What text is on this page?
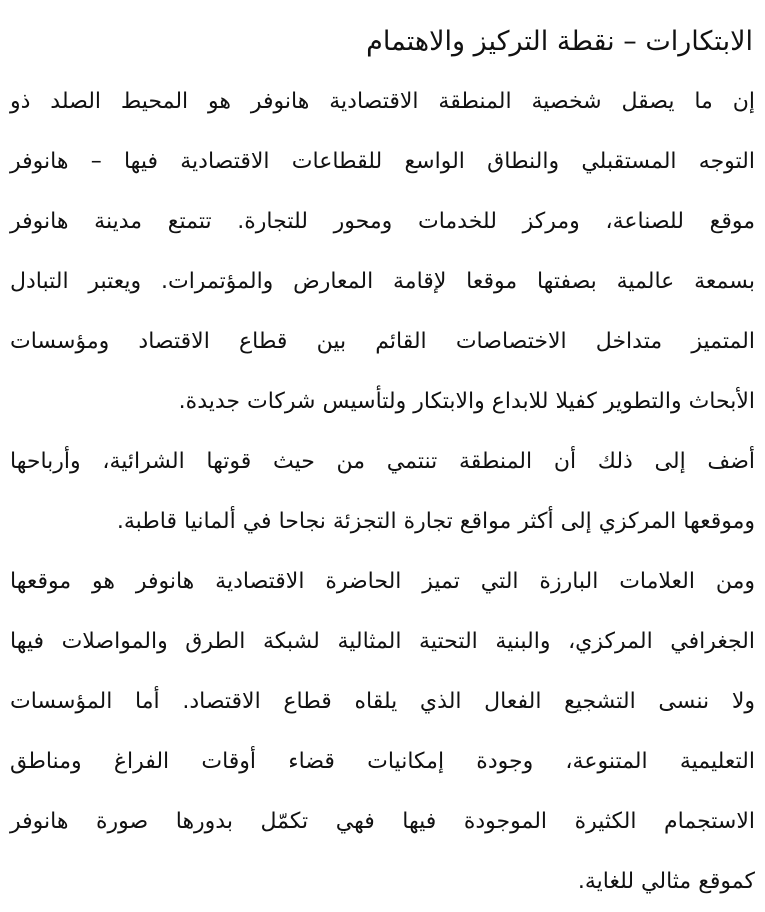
الابتكارات – نقطة التركيز والاهتمام

إن ما يصقل شخصية المنطقة الاقتصادية هانوفر هو المحيط الصلد ذو

التوجه المستقبلي والنطاق الواسع للقطاعات الاقتصادية فيها – هانوفر

موقع للصناعة، ومركز للخدمات ومحور للتجارة. تتمتع مدينة هانوفر

بسمعة عالمية بصفتها موقعا لإقامة المعارض والمؤتمرات. ويعتبر التبادل

المتميز متداخل الاختصاصات القائم بين قطاع الاقتصاد ومؤسسات

الأبحاث والتطوير كفيلا للابداع والابتكار ولتأسيس شركات جديدة.

أضف إلى ذلك أن المنطقة تنتمي من حيث قوتها الشرائية، وأرباحها

وموقعها المركزي إلى أكثر مواقع تجارة التجزئة نجاحا في ألمانيا قاطبة.

ومن العلامات البارزة التي تميز الحاضرة الاقتصادية هانوفر هو موقعها

الجغرافي المركزي، والبنية التحتية المثالية لشبكة الطرق والمواصلات فيها

ولا ننسى التشجيع الفعال الذي يلقاه قطاع الاقتصاد. أما المؤسسات

التعليمية المتنوعة، وجودة إمكانيات قضاء أوقات الفراغ ومناطق

الاستجمام الكثيرة الموجودة فيها فهي تكمّل بدورها صورة هانوفر

كموقع مثالي للغاية.
